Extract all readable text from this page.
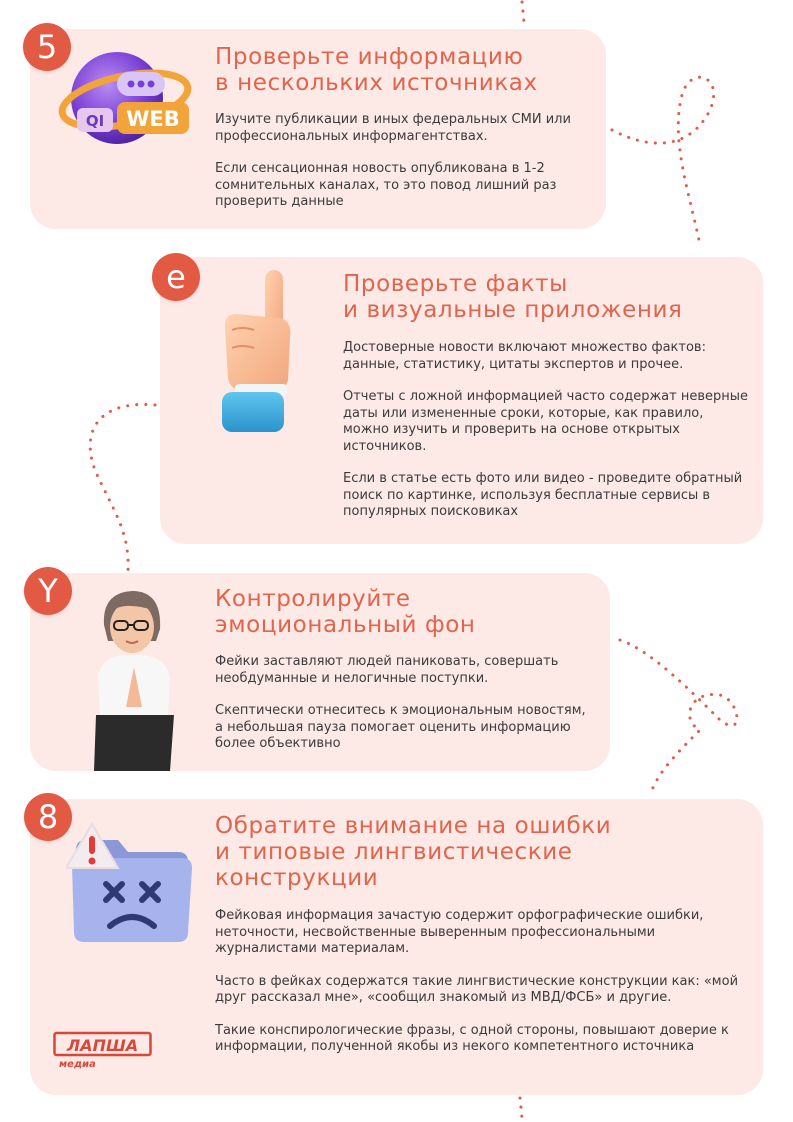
QI WEB
5	Проверьте информацию
в нескольких источниках

Изучите публикации в иных федеральных СМИ или профессиональных информагентствах.

Если сенсационная новость опубликована в 1-2 сомнительных каналах, то это повод лишний раз проверить данные

e	Проверьте факты
и визуальные приложения

Достоверные новости включают множество фактов: данные, статистику, цитаты экспертов и прочее.

Отчеты с ложной информацией часто содержат неверные даты или измененные сроки, которые, как правило, можно изучить и проверить на основе открытых источников.

Если в статье есть фото или видео - проведите обратный поиск по картинке, используя бесплатные сервисы в популярных поисковиках

Y	Контролируйте
эмоциональный фон

Фейки заставляют людей паниковать, совершать необдуманные и нелогичные поступки.

Скептически отнеситесь к эмоциональным новостям, а небольшая пауза помогает оценить информацию более объективно

8	Обратите внимание на ошибки
и типовые лингвистические
конструкции

Фейковая информация зачастую содержит орфографические ошибки, неточности, несвойственные выверенным профессиональными журналистами материалам.

Часто в фейках содержатся такие лингвистические конструкции как: «мой друг рассказал мне», «сообщил знакомый из МВД/ФСБ» и другие.

Такие конспирологические фразы, с одной стороны, повышают доверие к информации, полученной якобы из некого компетентного источника

ЛАПША
медиа
